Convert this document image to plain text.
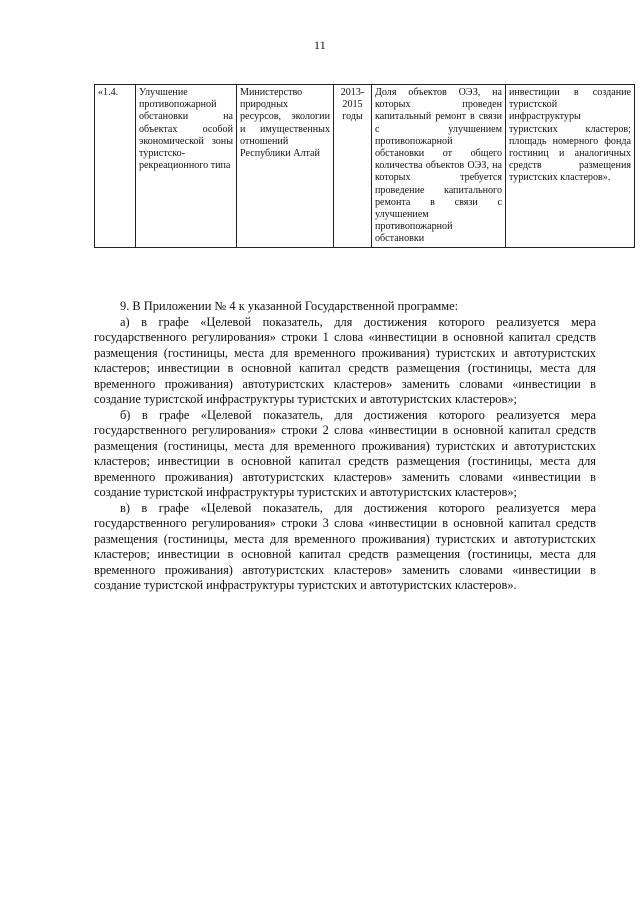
11
«1.4.	Улучшение противопожарной обстановки на объектах особой экономической зоны туристско-рекреационного типа	Министерство природных ресурсов, экологии и имущественных отношений Республики Алтай	2013-2015 годы	Доля объектов ОЭЗ, на которых проведен капитальный ремонт в связи с улучшением противопожарной обстановки от общего количества объектов ОЭЗ, на которых требуется проведение капитального ремонта в связи с улучшением противопожарной обстановки	инвестиции в создание туристской инфраструктуры туристских кластеров; площадь номерного фонда гостиниц и аналогичных средств размещения туристских кластеров».

9. В Приложении № 4 к указанной Государственной программе:

а) в графе «Целевой показатель, для достижения которого реализуется мера государственного регулирования» строки 1 слова «инвестиции в основной капитал средств размещения (гостиницы, места для временного проживания) туристских и автотуристских кластеров; инвестиции в основной капитал средств размещения (гостиницы, места для временного проживания) автотуристских кластеров» заменить словами «инвестиции в создание туристской инфраструктуры туристских и автотуристских кластеров»;

б) в графе «Целевой показатель, для достижения которого реализуется мера государственного регулирования» строки 2 слова «инвестиции в основной капитал средств размещения (гостиницы, места для временного проживания) туристских и автотуристских кластеров; инвестиции в основной капитал средств размещения (гостиницы, места для временного проживания) автотуристских кластеров» заменить словами «инвестиции в создание туристской инфраструктуры туристских и автотуристских кластеров»;

в) в графе «Целевой показатель, для достижения которого реализуется мера государственного регулирования» строки 3 слова «инвестиции в основной капитал средств размещения (гостиницы, места для временного проживания) туристских и автотуристских кластеров; инвестиции в основной капитал средств размещения (гостиницы, места для временного проживания) автотуристских кластеров» заменить словами «инвестиции в создание туристской инфраструктуры туристских и автотуристских кластеров».
